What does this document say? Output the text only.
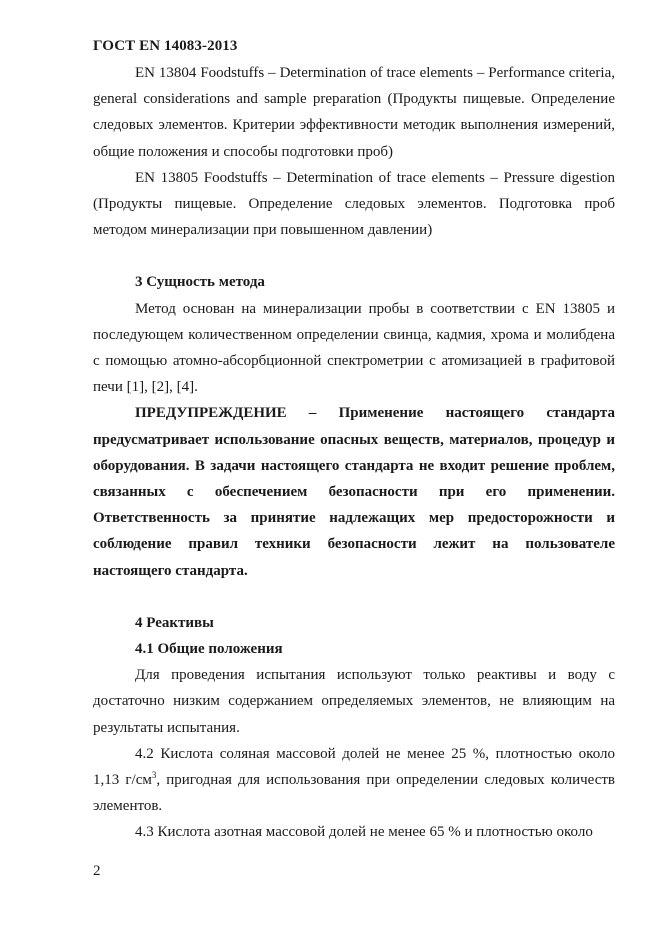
ГОСТ EN 14083-2013

EN 13804 Foodstuffs – Determination of trace elements – Performance criteria, general considerations and sample preparation (Продукты пищевые. Определение следовых элементов. Критерии эффективности методик выполнения измерений, общие положения и способы подготовки проб)

EN 13805 Foodstuffs – Determination of trace elements – Pressure digestion (Продукты пищевые. Определение следовых элементов. Подготовка проб методом минерализации при повышенном давлении)

3 Сущность метода

Метод основан на минерализации пробы в соответствии с EN 13805 и последующем количественном определении свинца, кадмия, хрома и молибдена с помощью атомно-абсорбционной спектрометрии с атомизацией в графитовой печи [1], [2], [4].

ПРЕДУПРЕЖДЕНИЕ – Применение настоящего стандарта предусматривает использование опасных веществ, материалов, процедур и оборудования. В задачи настоящего стандарта не входит решение проблем, связанных с обеспечением безопасности при его применении. Ответственность за принятие надлежащих мер предосторожности и соблюдение правил техники безопасности лежит на пользователе настоящего стандарта.

4 Реактивы

4.1 Общие положения

Для проведения испытания используют только реактивы и воду с достаточно низким содержанием определяемых элементов, не влияющим на результаты испытания.

4.2 Кислота соляная массовой долей не менее 25 %, плотностью около 1,13 $г/см^3$, пригодная для использования при определении следовых количеств элементов.

4.3 Кислота азотная массовой долей не менее 65 % и плотностью около

2
